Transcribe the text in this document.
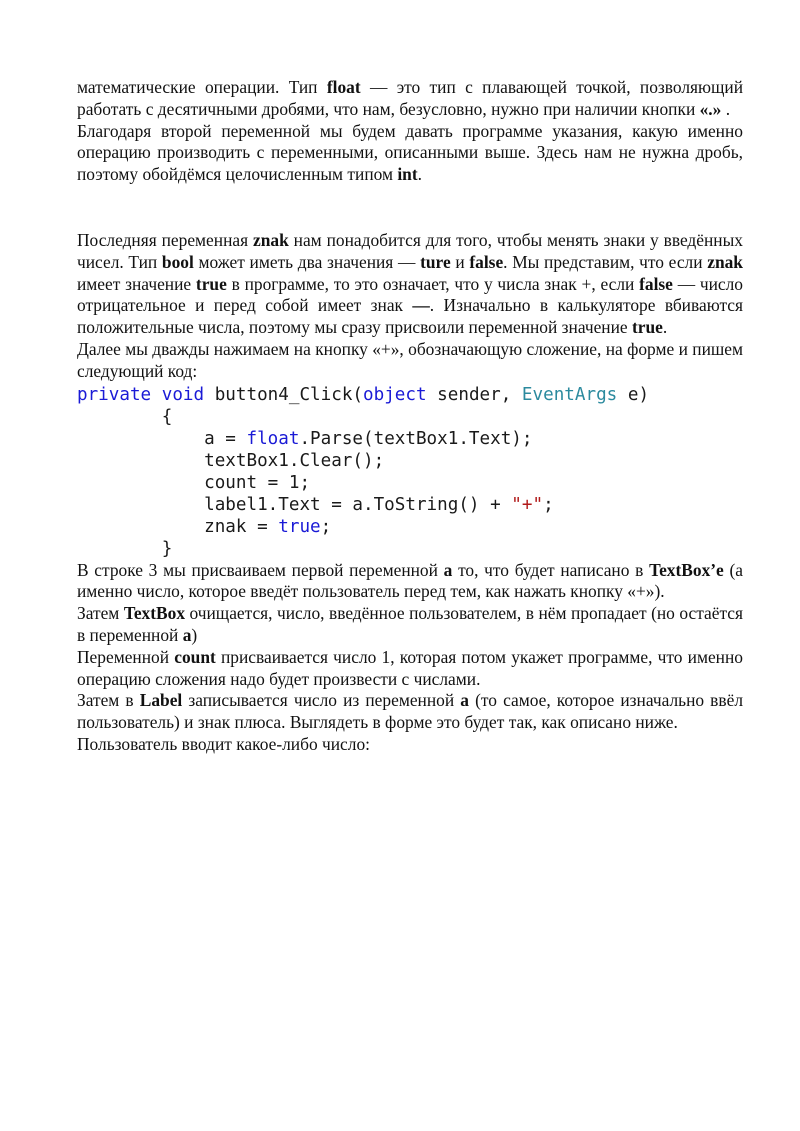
математические операции. Тип float — это тип с плавающей точкой, позволяющий работать с десятичными дробями, что нам, безусловно, нужно при наличии кнопки «.» .

Благодаря второй переменной мы будем давать программе указания, какую именно операцию производить с переменными, описанными выше. Здесь нам не нужна дробь, поэтому обойдёмся целочисленным типом int.

Последняя переменная znak нам понадобится для того, чтобы менять знаки у введённых чисел. Тип bool может иметь два значения — ture и false. Мы представим, что если znak имеет значение true в программе, то это означает, что у числа знак +, если false — число отрицательное и перед собой имеет знак —. Изначально в калькуляторе вбиваются положительные числа, поэтому мы сразу присвоили переменной значение true.

Далее мы дважды нажимаем на кнопку «+», обозначающую сложение, на форме и пишем следующий код:

private void button4_Click(object sender, EventArgs e)
{
a = float.Parse(textBox1.Text);
textBox1.Clear();
count = 1;
label1.Text = a.ToString() + "+";
znak = true;
}

В строке 3 мы присваиваем первой переменной a то, что будет написано в TextBox’e (а именно число, которое введёт пользователь перед тем, как нажать кнопку «+»).

Затем TextBox очищается, число, введённое пользователем, в нём пропадает (но остаётся в переменной a)

Переменной count присваивается число 1, которая потом укажет программе, что именно операцию сложения надо будет произвести с числами.

Затем в Label записывается число из переменной a (то самое, которое изначально ввёл пользователь) и знак плюса. Выглядеть в форме это будет так, как описано ниже.

Пользователь вводит какое-либо число:
